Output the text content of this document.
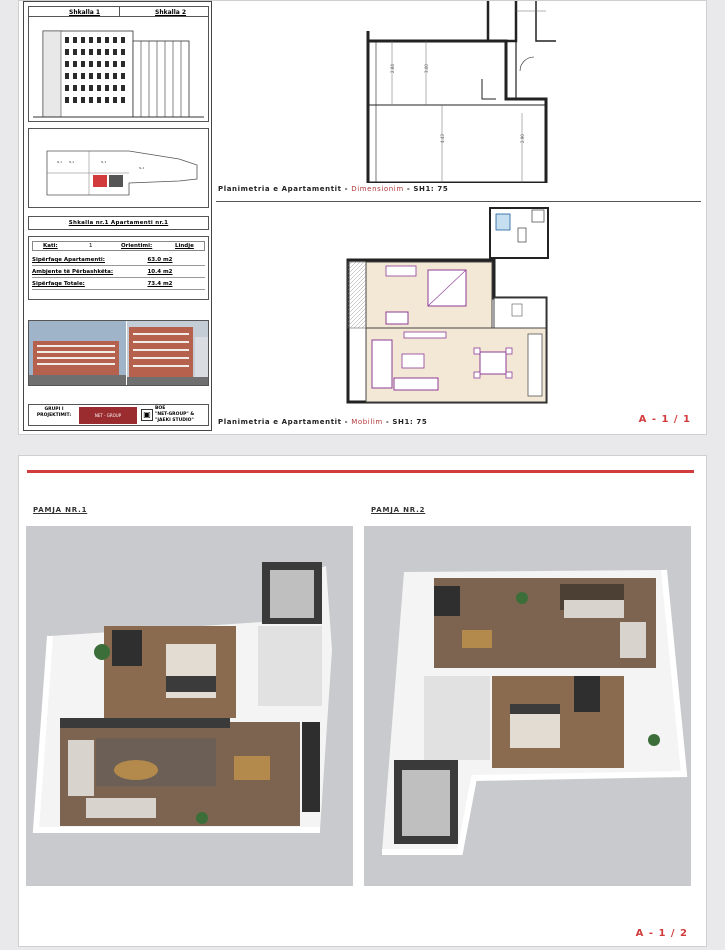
Shkalla 1	Shkalla 2
N-1 N-2	N-3
N-4
Shkalla nr.1 Apartamenti nr.1
Kati:	1	Orientimi:	Lindje
Sipërfaqe Apartamenti:	63.0 m2
Ambjente të Përbashkëta:	10.4 m2
Sipërfaqe Totale:	73.4 m2
GRUPI I PROJEKTIMIT:	NET - GROUP	▣
BOE
"NET-GROUP" &
"JAEKI STUDIO"
2.84	3.00
4.43	2.90
Planimetria e Apartamentit - Dimensionim - SH1: 75
Planimetria e Apartamentit - Mobilim - SH1: 75	A - 1 / 1
PAMJA NR.1	PAMJA NR.2
A - 1 / 2
